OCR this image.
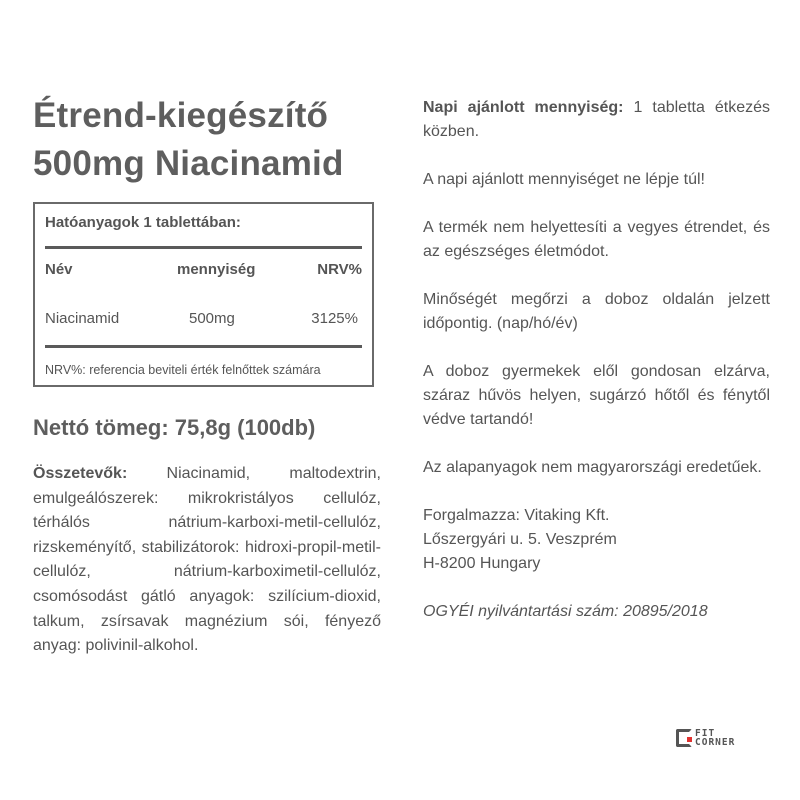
Étrend-kiegészítő
500mg Niacinamid
Hatóanyagok 1 tablettában:
Név	mennyiség	NRV%
Niacinamid	500mg	3125%
NRV%: referencia beviteli érték felnőttek számára
Nettó tömeg: 75,8g (100db)
Összetevők: Niacinamid, maltodextrin, emulgeálószerek: mikrokristályos cellulóz, térhálós nátrium-karboxi-metil-cellulóz, rizskeményítő, stabilizátorok: hidroxi-propil-metil-cellulóz, nátrium-karboximetil-cellulóz, csomósodást gátló anyagok: szilícium-dioxid, talkum, zsírsavak magnézium sói, fényező anyag: polivinil-alkohol.

Napi ajánlott mennyiség: 1 tabletta étkezés közben.

A napi ajánlott mennyiséget ne lépje túl!

A termék nem helyettesíti a vegyes étrendet, és az egészséges életmódot.

Minőségét megőrzi a doboz oldalán jelzett időpontig. (nap/hó/év)

A doboz gyermekek elől gondosan elzárva, száraz hűvös helyen, sugárzó hőtől és fénytől védve tartandó!

Az alapanyagok nem magyarországi eredetűek.

Forgalmazza: Vitaking Kft.
Lőszergyári u. 5. Veszprém
H-8200 Hungary

OGYÉI nyilvántartási szám: 20895/2018

FIT
CORNER
